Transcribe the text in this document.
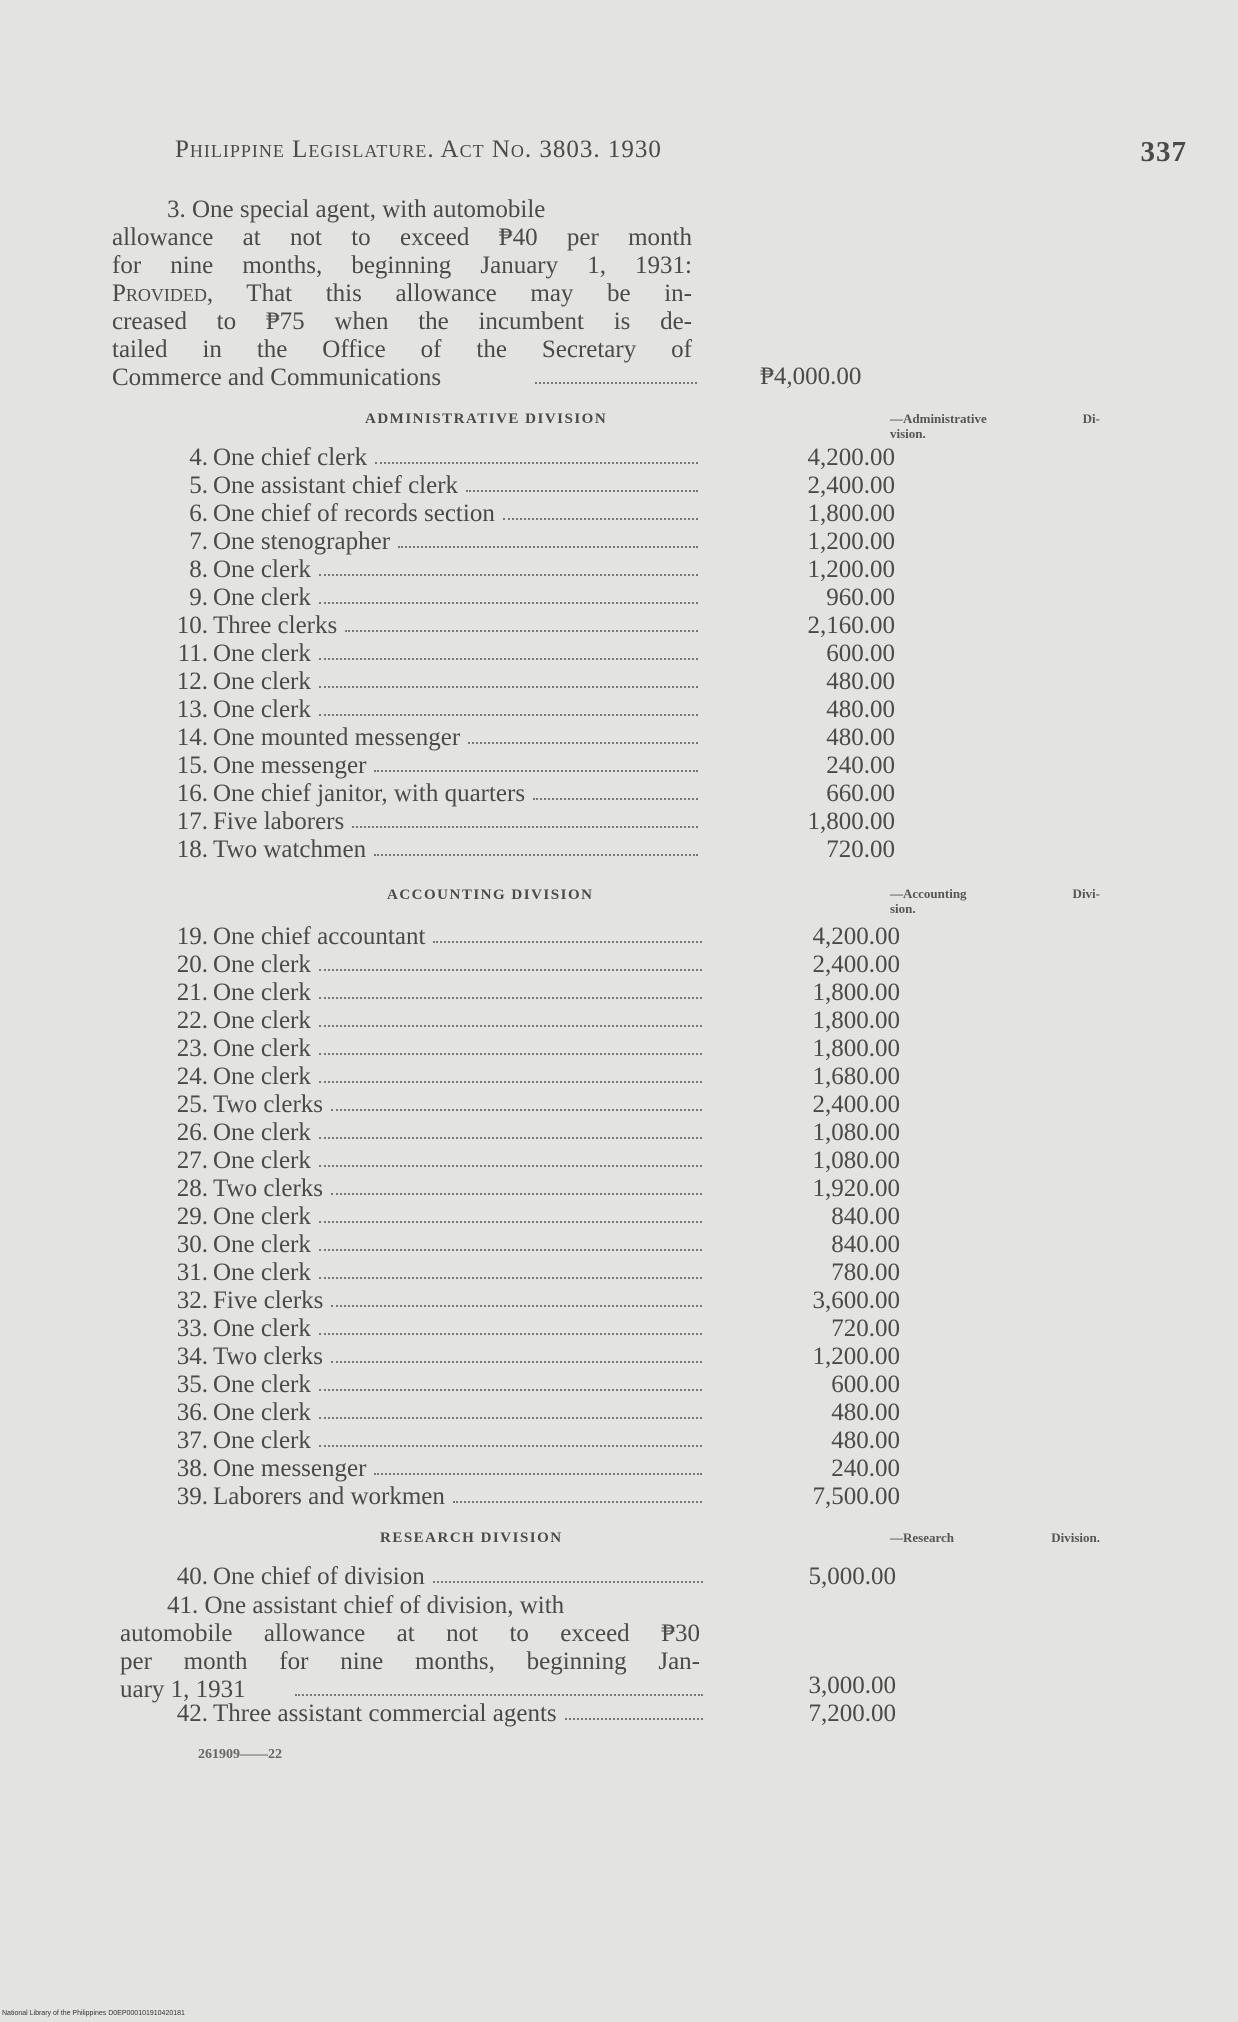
Philippine Legislature. Act No. 3803. 1930	337
3. One special agent, with automobile
allowance at not to exceed ₱40 per month
for nine months, beginning January 1, 1931:
Provided, That this allowance may be in-
creased to ₱75 when the incumbent is de-
tailed in the Office of the Secretary of
Commerce and Communications	₱4,000.00
ADMINISTRATIVE DIVISION	—Administrative Di-
vision.
4. One chief clerk	4,200.00
5. One assistant chief clerk	2,400.00
6. One chief of records section	1,800.00
7. One stenographer	1,200.00
8. One clerk	1,200.00
9. One clerk	960.00
10. Three clerks	2,160.00
11. One clerk	600.00
12. One clerk	480.00
13. One clerk	480.00
14. One mounted messenger	480.00
15. One messenger	240.00
16. One chief janitor, with quarters	660.00
17. Five laborers	1,800.00
18. Two watchmen	720.00
ACCOUNTING DIVISION	—Accounting Divi-
sion.
19. One chief accountant	4,200.00
20. One clerk	2,400.00
21. One clerk	1,800.00
22. One clerk	1,800.00
23. One clerk	1,800.00
24. One clerk	1,680.00
25. Two clerks	2,400.00
26. One clerk	1,080.00
27. One clerk	1,080.00
28. Two clerks	1,920.00
29. One clerk	840.00
30. One clerk	840.00
31. One clerk	780.00
32. Five clerks	3,600.00
33. One clerk	720.00
34. Two clerks	1,200.00
35. One clerk	600.00
36. One clerk	480.00
37. One clerk	480.00
38. One messenger	240.00
39. Laborers and workmen	7,500.00
RESEARCH DIVISION	—Research Division.
40. One chief of division	5,000.00
41. One assistant chief of division, with
automobile allowance at not to exceed ₱30
per month for nine months, beginning Jan-
uary 1, 1931	3,000.00
42. Three assistant commercial agents	7,200.00
261909——22
National Library of the Philippines D0EP000101910420181
